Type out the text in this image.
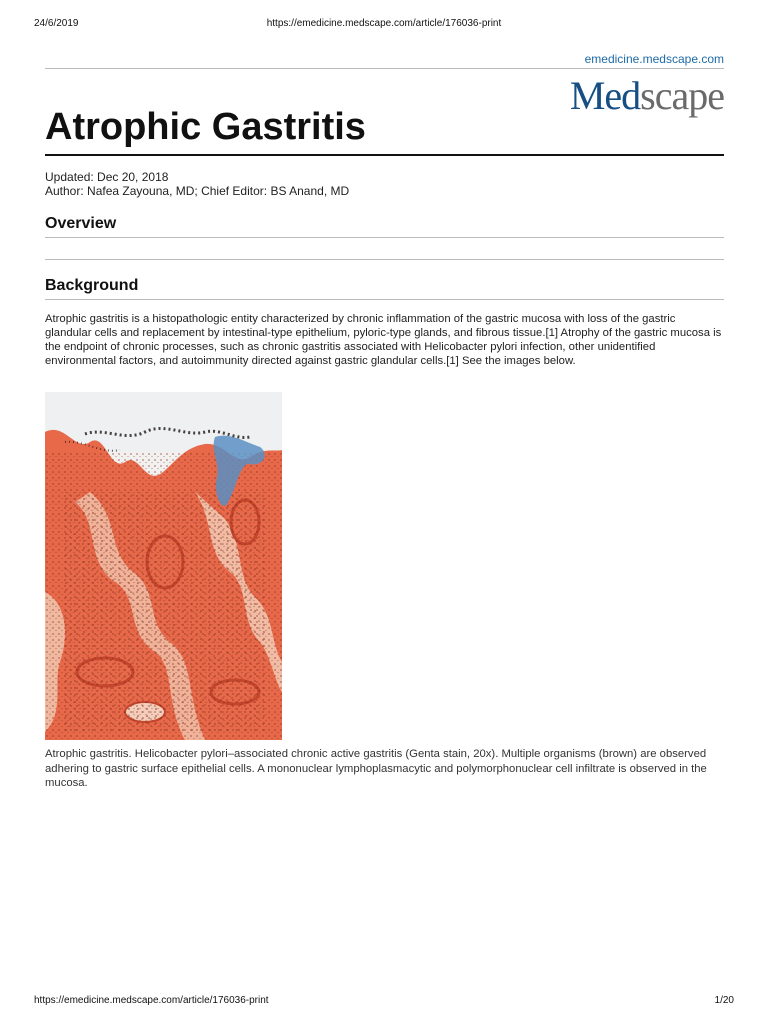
24/6/2019	https://emedicine.medscape.com/article/176036-print
emedicine.medscape.com
Medscape
Atrophic Gastritis
Updated: Dec 20, 2018
Author: Nafea Zayouna, MD; Chief Editor: BS Anand, MD
Overview
Background

Atrophic gastritis is a histopathologic entity characterized by chronic inflammation of the gastric mucosa with loss of the gastric glandular cells and replacement by intestinal-type epithelium, pyloric-type glands, and fibrous tissue.[1] Atrophy of the gastric mucosa is the endpoint of chronic processes, such as chronic gastritis associated with Helicobacter pylori infection, other unidentified environmental factors, and autoimmunity directed against gastric glandular cells.[1] See the images below.

Atrophic gastritis. Helicobacter pylori–associated chronic active gastritis (Genta stain, 20x). Multiple organisms (brown) are observed adhering to gastric surface epithelial cells. A mononuclear lymphoplasmacytic and polymorphonuclear cell infiltrate is observed in the mucosa.

https://emedicine.medscape.com/article/176036-print	1/20
